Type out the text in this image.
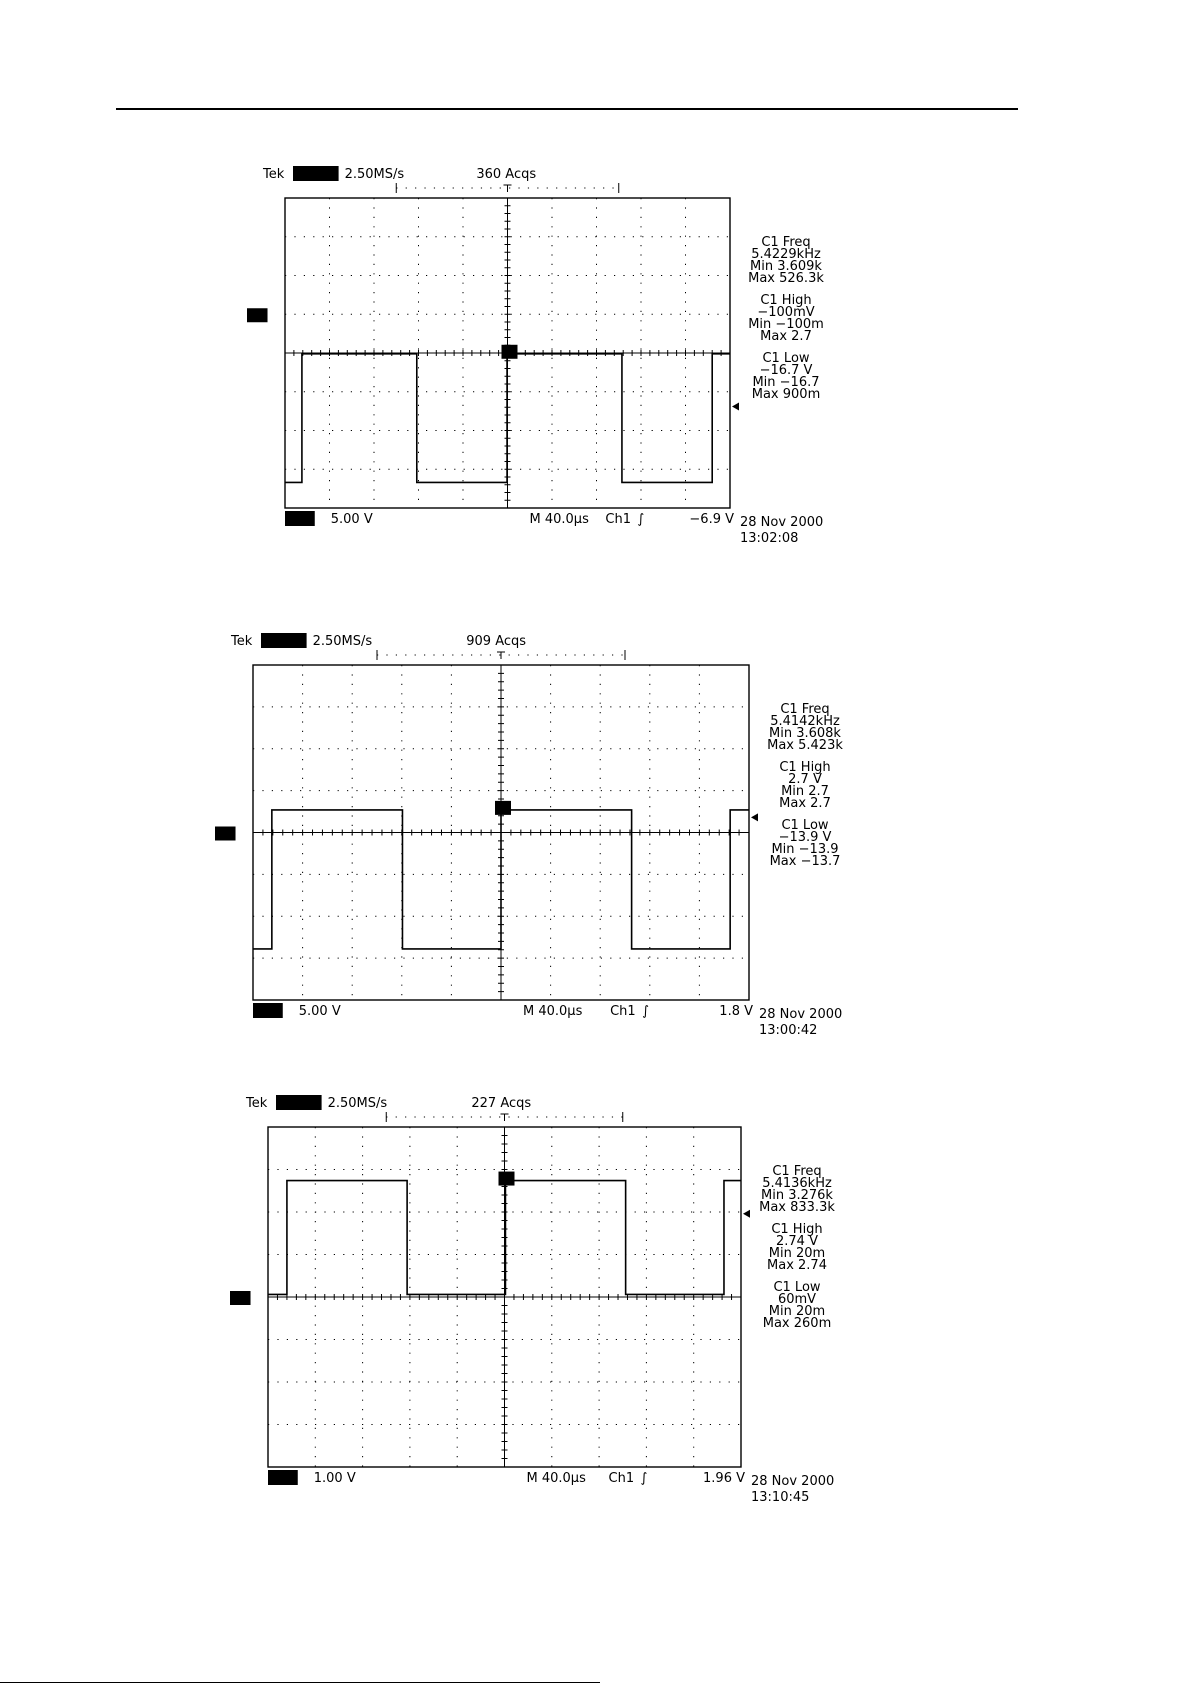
Tek Stop: 2.50MS/s	360 Acqs
1→
T
C1 Freq
5.4229kHz
Min 3.609k
Max 526.3k
C1 High
−100mV
Min −100m
Max 2.7
C1 Low
−16.7 V
Min −16.7
Max 900m
Ch1 5.00 V	M 40.0µs Ch1 ∫	−6.9 V 28 Nov 2000
13:02:08
Tek Stop: 2.50MS/s	909 Acqs
1→
T
C1 Freq
5.4142kHz
Min 3.608k
Max 5.423k
C1 High
2.7 V
Min 2.7
Max 2.7
C1 Low
−13.9 V
Min −13.9
Max −13.7
Ch1 5.00 V	M 40.0µs Ch1 ∫	1.8 V 28 Nov 2000
13:00:42
Tek Stop: 2.50MS/s	227 Acqs
1→
T
C1 Freq
5.4136kHz
Min 3.276k
Max 833.3k
C1 High
2.74 V
Min 20m
Max 2.74
C1 Low
60mV
Min 20m
Max 260m
Ch1 1.00 V	M 40.0µs Ch1 ∫	1.96 V 28 Nov 2000
13:10:45
